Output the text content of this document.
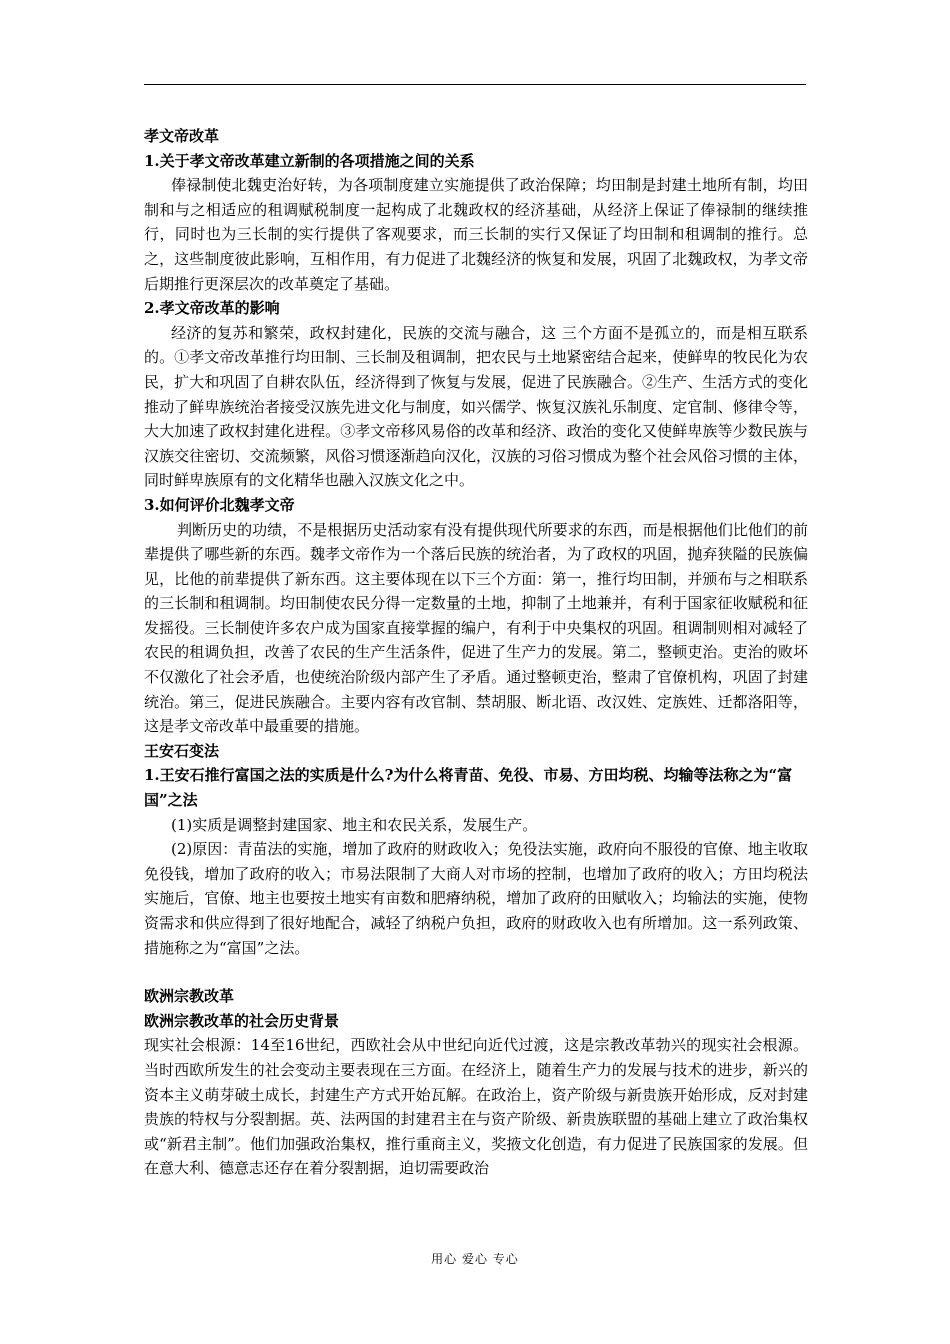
孝文帝改革
1.关于孝文帝改革建立新制的各项措施之间的关系

俸禄制使北魏吏治好转，为各项制度建立实施提供了政治保障；均田制是封建土地所有制，均田制和与之相适应的租调赋税制度一起构成了北魏政权的经济基础，从经济上保证了俸禄制的继续推行，同时也为三长制的实行提供了客观要求，而三长制的实行又保证了均田制和租调制的推行。总之，这些制度彼此影响，互相作用，有力促进了北魏经济的恢复和发展，巩固了北魏政权，为孝文帝后期推行更深层次的改革奠定了基础。

2.孝文帝改革的影响

经济的复苏和繁荣，政权封建化，民族的交流与融合，这 三个方面不是孤立的，而是相互联系的。①孝文帝改革推行均田制、三长制及租调制，把农民与土地紧密结合起来，使鲜卑的牧民化为农民，扩大和巩固了自耕农队伍，经济得到了恢复与发展，促进了民族融合。②生产、生活方式的变化推动了鲜卑族统治者接受汉族先进文化与制度，如兴儒学、恢复汉族礼乐制度、定官制、修律令等，大大加速了政权封建化进程。③孝文帝移风易俗的改革和经济、政治的变化又使鲜卑族等少数民族与汉族交往密切、交流频繁，风俗习惯逐渐趋向汉化，汉族的习俗习惯成为整个社会风俗习惯的主体，同时鲜卑族原有的文化精华也融入汉族文化之中。

3.如何评价北魏孝文帝

判断历史的功绩，不是根据历史活动家有没有提供现代所要求的东西，而是根据他们比他们的前辈提供了哪些新的东西。魏孝文帝作为一个落后民族的统治者，为了政权的巩固，抛弃狭隘的民族偏见，比他的前辈提供了新东西。这主要体现在以下三个方面：第一，推行均田制，并颁布与之相联系的三长制和租调制。均田制使农民分得一定数量的土地，抑制了土地兼并，有利于国家征收赋税和征发摇役。三长制使许多农户成为国家直接掌握的编户，有利于中央集权的巩固。租调制则相对减轻了农民的租调负担，改善了农民的生产生活条件，促进了生产力的发展。第二，整顿吏治。吏治的败坏不仅激化了社会矛盾，也使统治阶级内部产生了矛盾。通过整顿吏治，整肃了官僚机构，巩固了封建统治。第三，促进民族融合。主要内容有改官制、禁胡服、断北语、改汉姓、定族姓、迁都洛阳等，这是孝文帝改革中最重要的措施。

王安石变法
1.王安石推行富国之法的实质是什么?为什么将青苗、免役、市易、方田均税、均输等法称之为“富国”之法

(1)实质是调整封建国家、地主和农民关系，发展生产。

(2)原因：青苗法的实施，增加了政府的财政收入；免役法实施，政府向不服役的官僚、地主收取免役钱，增加了政府的收入；市易法限制了大商人对市场的控制，也增加了政府的收入；方田均税法实施后，官僚、地主也要按土地实有亩数和肥瘠纳税，增加了政府的田赋收入；均输法的实施，使物资需求和供应得到了很好地配合，减轻了纳税户负担，政府的财政收入也有所增加。这一系列政策、措施称之为“富国”之法。

欧洲宗教改革
欧洲宗教改革的社会历史背景

现实社会根源：14至16世纪，西欧社会从中世纪向近代过渡，这是宗教改革勃兴的现实社会根源。当时西欧所发生的社会变动主要表现在三方面。在经济上，随着生产力的发展与技术的进步，新兴的资本主义萌芽破土成长，封建生产方式开始瓦解。在政治上，资产阶级与新贵族开始形成，反对封建贵族的特权与分裂割据。英、法两国的封建君主在与资产阶级、新贵族联盟的基础上建立了政治集权或“新君主制”。他们加强政治集权，推行重商主义，奖掖文化创造，有力促进了民族国家的发展。但在意大利、德意志还存在着分裂割据，迫切需要政治

用心 爱心 专心
